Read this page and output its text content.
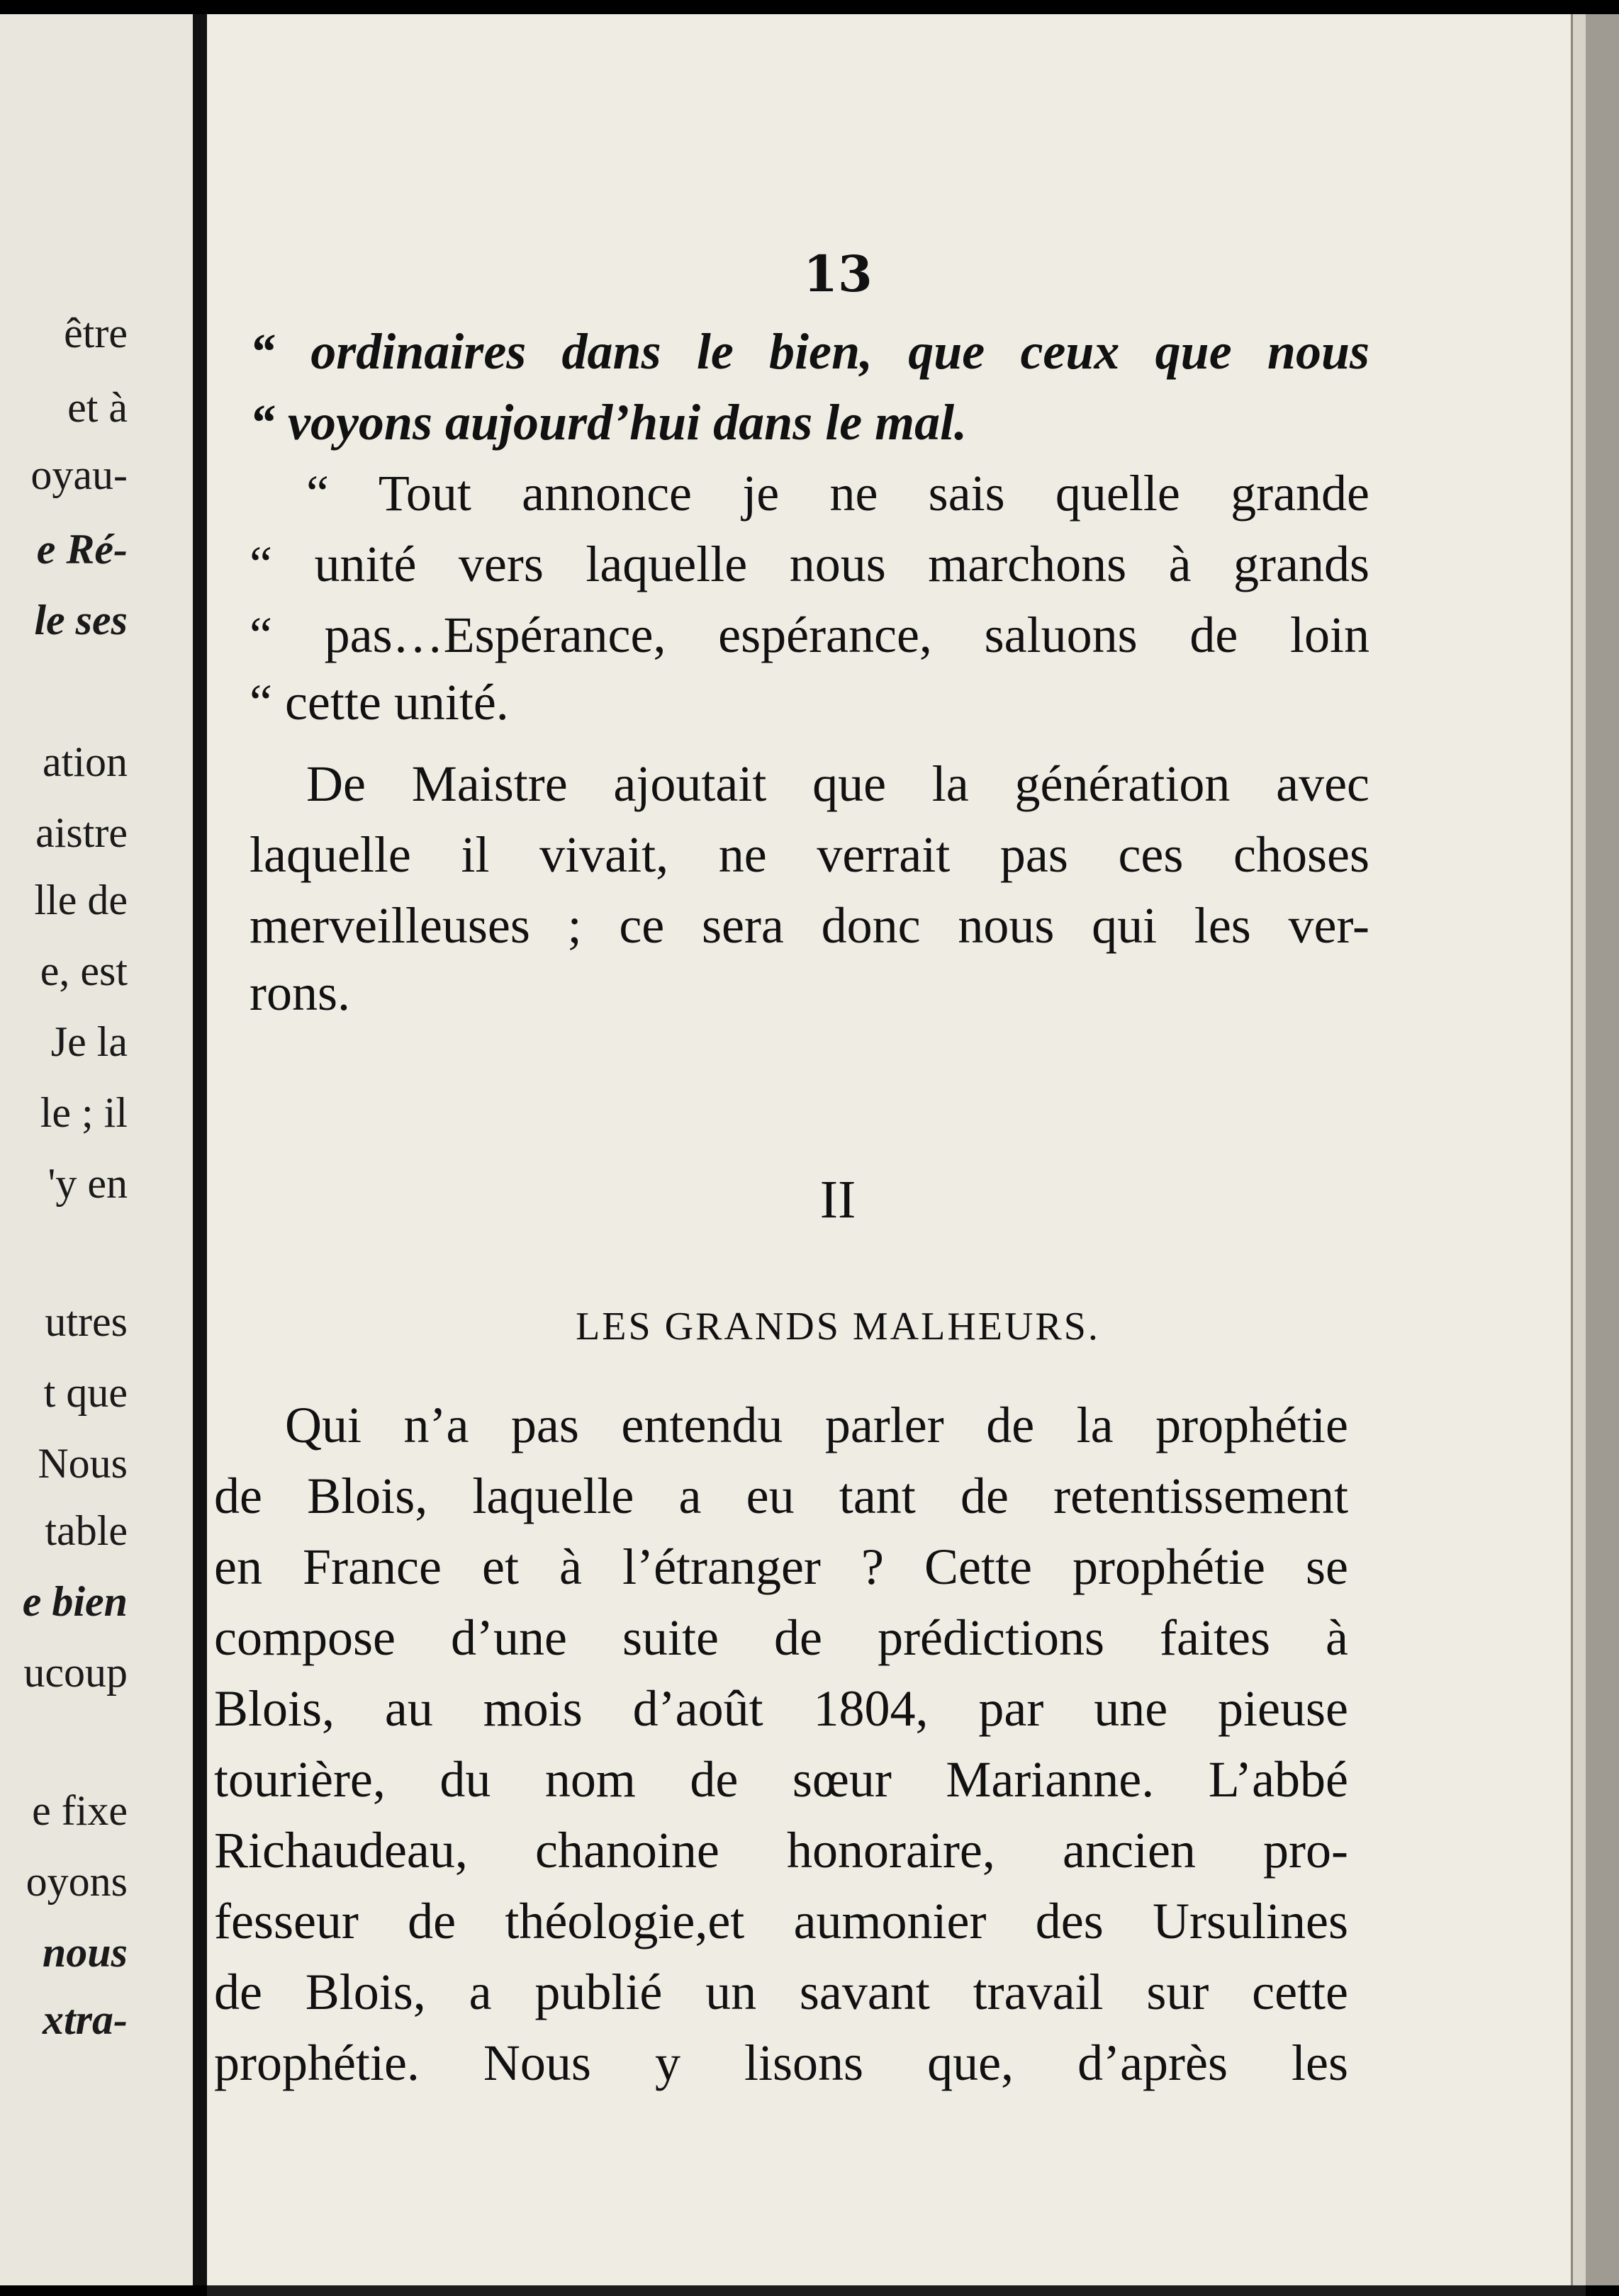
être

et à

oyau-

e Ré-

le ses

ation

aistre

lle de

e, est

Je la

le ; il

'y en

utres

t que

Nous

table

e bien

ucoup

e fixe

oyons

nous

xtra-

13

“ ordinaires dans le bien, que ceux que nous

“ voyons aujourd’hui dans le mal.

“ Tout annonce je ne sais quelle grande

“ unité vers laquelle nous marchons à grands

“ pas…Espérance, espérance, saluons de loin

“ cette unité.

De Maistre ajoutait que la génération avec

laquelle il vivait, ne verrait pas ces choses

merveilleuses ; ce sera donc nous qui les ver-

rons.

Qui n’a pas entendu parler de la prophétie

de Blois, laquelle a eu tant de retentissement

en France et à l’étranger ? Cette prophétie se

compose d’une suite de prédictions faites à

Blois, au mois d’août 1804, par une pieuse

tourière, du nom de sœur Marianne. L’abbé

Richaudeau, chanoine honoraire, ancien pro-

fesseur de théologie,et aumonier des Ursulines

de Blois, a publié un savant travail sur cette

prophétie. Nous y lisons que, d’après les

II

LES GRANDS MALHEURS.
